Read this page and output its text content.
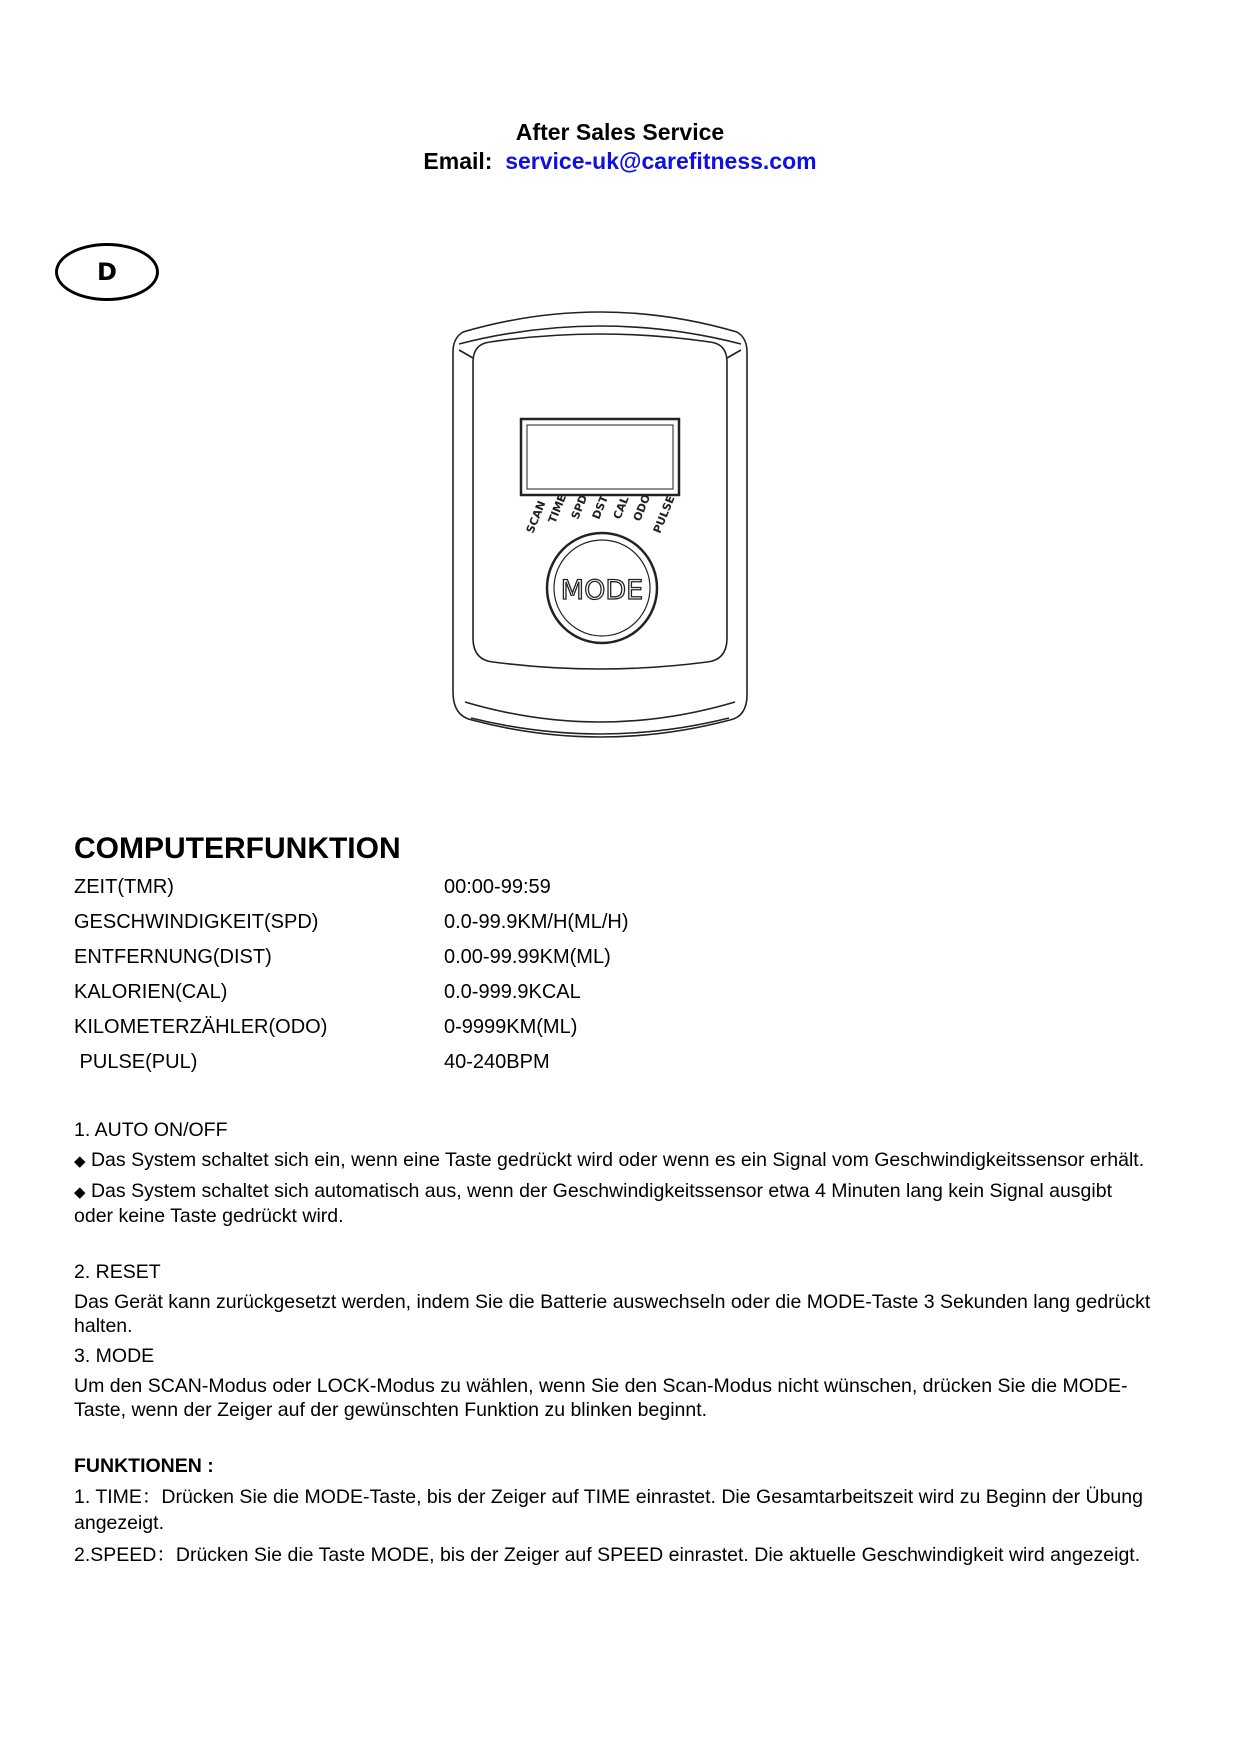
After Sales Service
Email: service-uk@carefitness.com
D
SCAN
TIME SPD DST CAL ODO
PULSE
MODE
COMPUTERFUNKTION
ZEIT(TMR)	00:00-99:59
GESCHWINDIGKEIT(SPD)	0.0-99.9KM/H(ML/H)
ENTFERNUNG(DIST)	0.00-99.99KM(ML)
KALORIEN(CAL)	0.0-999.9KCAL
KILOMETERZÄHLER(ODO)	0-9999KM(ML)
PULSE(PUL)	40-240BPM

1. AUTO ON/OFF

◆ Das System schaltet sich ein, wenn eine Taste gedrückt wird oder wenn es ein Signal vom Geschwindigkeitssensor erhält.

◆ Das System schaltet sich automatisch aus, wenn der Geschwindigkeitssensor etwa 4 Minuten lang kein Signal ausgibt oder keine Taste gedrückt wird.

2. RESET

Das Gerät kann zurückgesetzt werden, indem Sie die Batterie auswechseln oder die MODE-Taste 3 Sekunden lang gedrückt halten.

3. MODE

Um den SCAN-Modus oder LOCK-Modus zu wählen, wenn Sie den Scan-Modus nicht wünschen, drücken Sie die MODE-Taste, wenn der Zeiger auf der gewünschten Funktion zu blinken beginnt.

FUNKTIONEN :

1. TIME：Drücken Sie die MODE-Taste, bis der Zeiger auf TIME einrastet. Die Gesamtarbeitszeit wird zu Beginn der Übung angezeigt.

2.SPEED：Drücken Sie die Taste MODE, bis der Zeiger auf SPEED einrastet. Die aktuelle Geschwindigkeit wird angezeigt.
